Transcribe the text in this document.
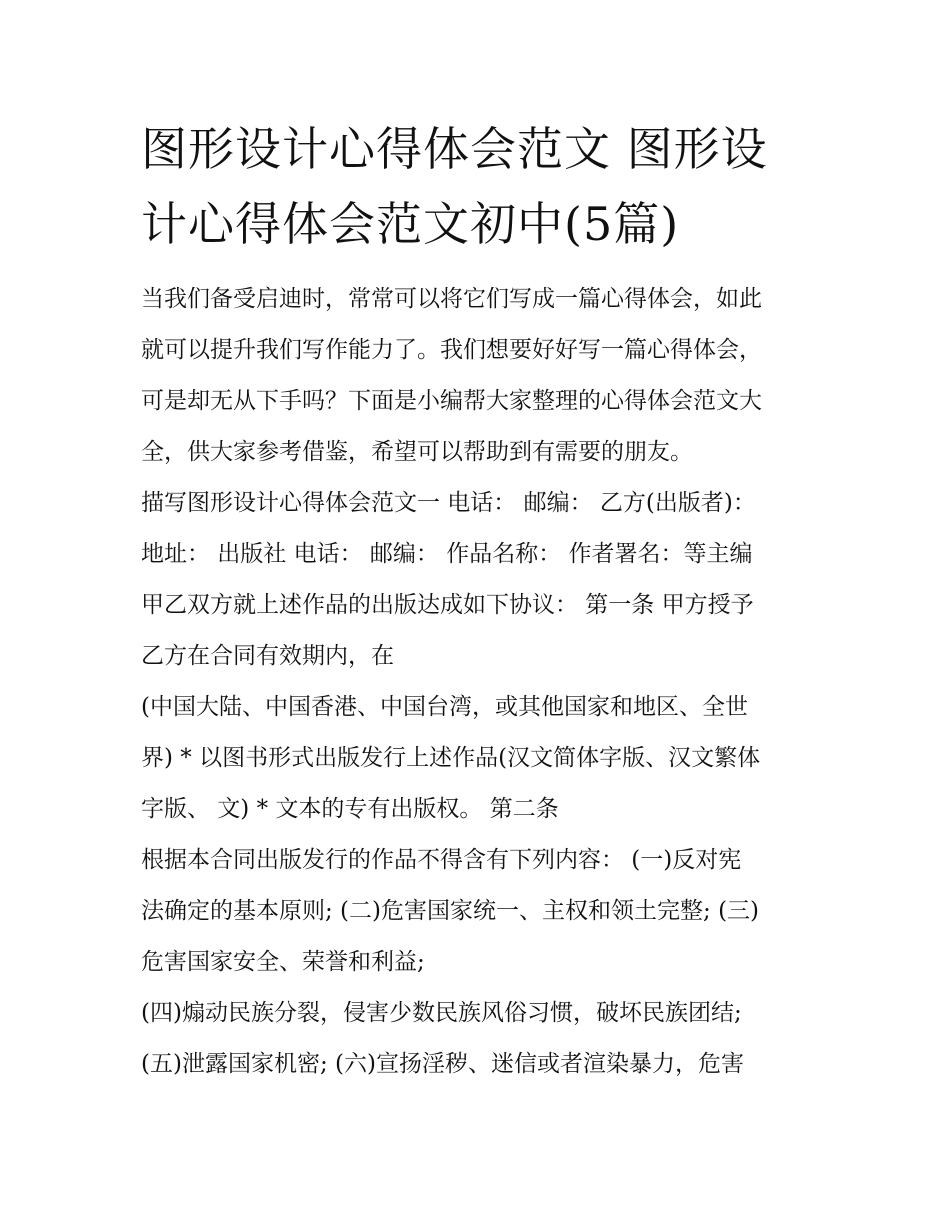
图形设计心得体会范文 图形设
计心得体会范文初中(5篇)

当我们备受启迪时，常常可以将它们写成一篇心得体会，如此
就可以提升我们写作能力了。我们想要好好写一篇心得体会，
可是却无从下手吗？下面是小编帮大家整理的心得体会范文大
全，供大家参考借鉴，希望可以帮助到有需要的朋友。

描写图形设计心得体会范文一 电话： 邮编： 乙方(出版者)：
地址： 出版社 电话： 邮编： 作品名称： 作者署名：等主编
甲乙双方就上述作品的出版达成如下协议： 第一条 甲方授予
乙方在合同有效期内，在

(中国大陆、中国香港、中国台湾，或其他国家和地区、全世
界) * 以图书形式出版发行上述作品(汉文简体字版、汉文繁体
字版、 文) * 文本的专有出版权。 第二条

根据本合同出版发行的作品不得含有下列内容： (一)反对宪
法确定的基本原则; (二)危害国家统一、主权和领土完整; (三)
危害国家安全、荣誉和利益;

(四)煽动民族分裂，侵害少数民族风俗习惯，破坏民族团结;

(五)泄露国家机密; (六)宣扬淫秽、迷信或者渲染暴力，危害
